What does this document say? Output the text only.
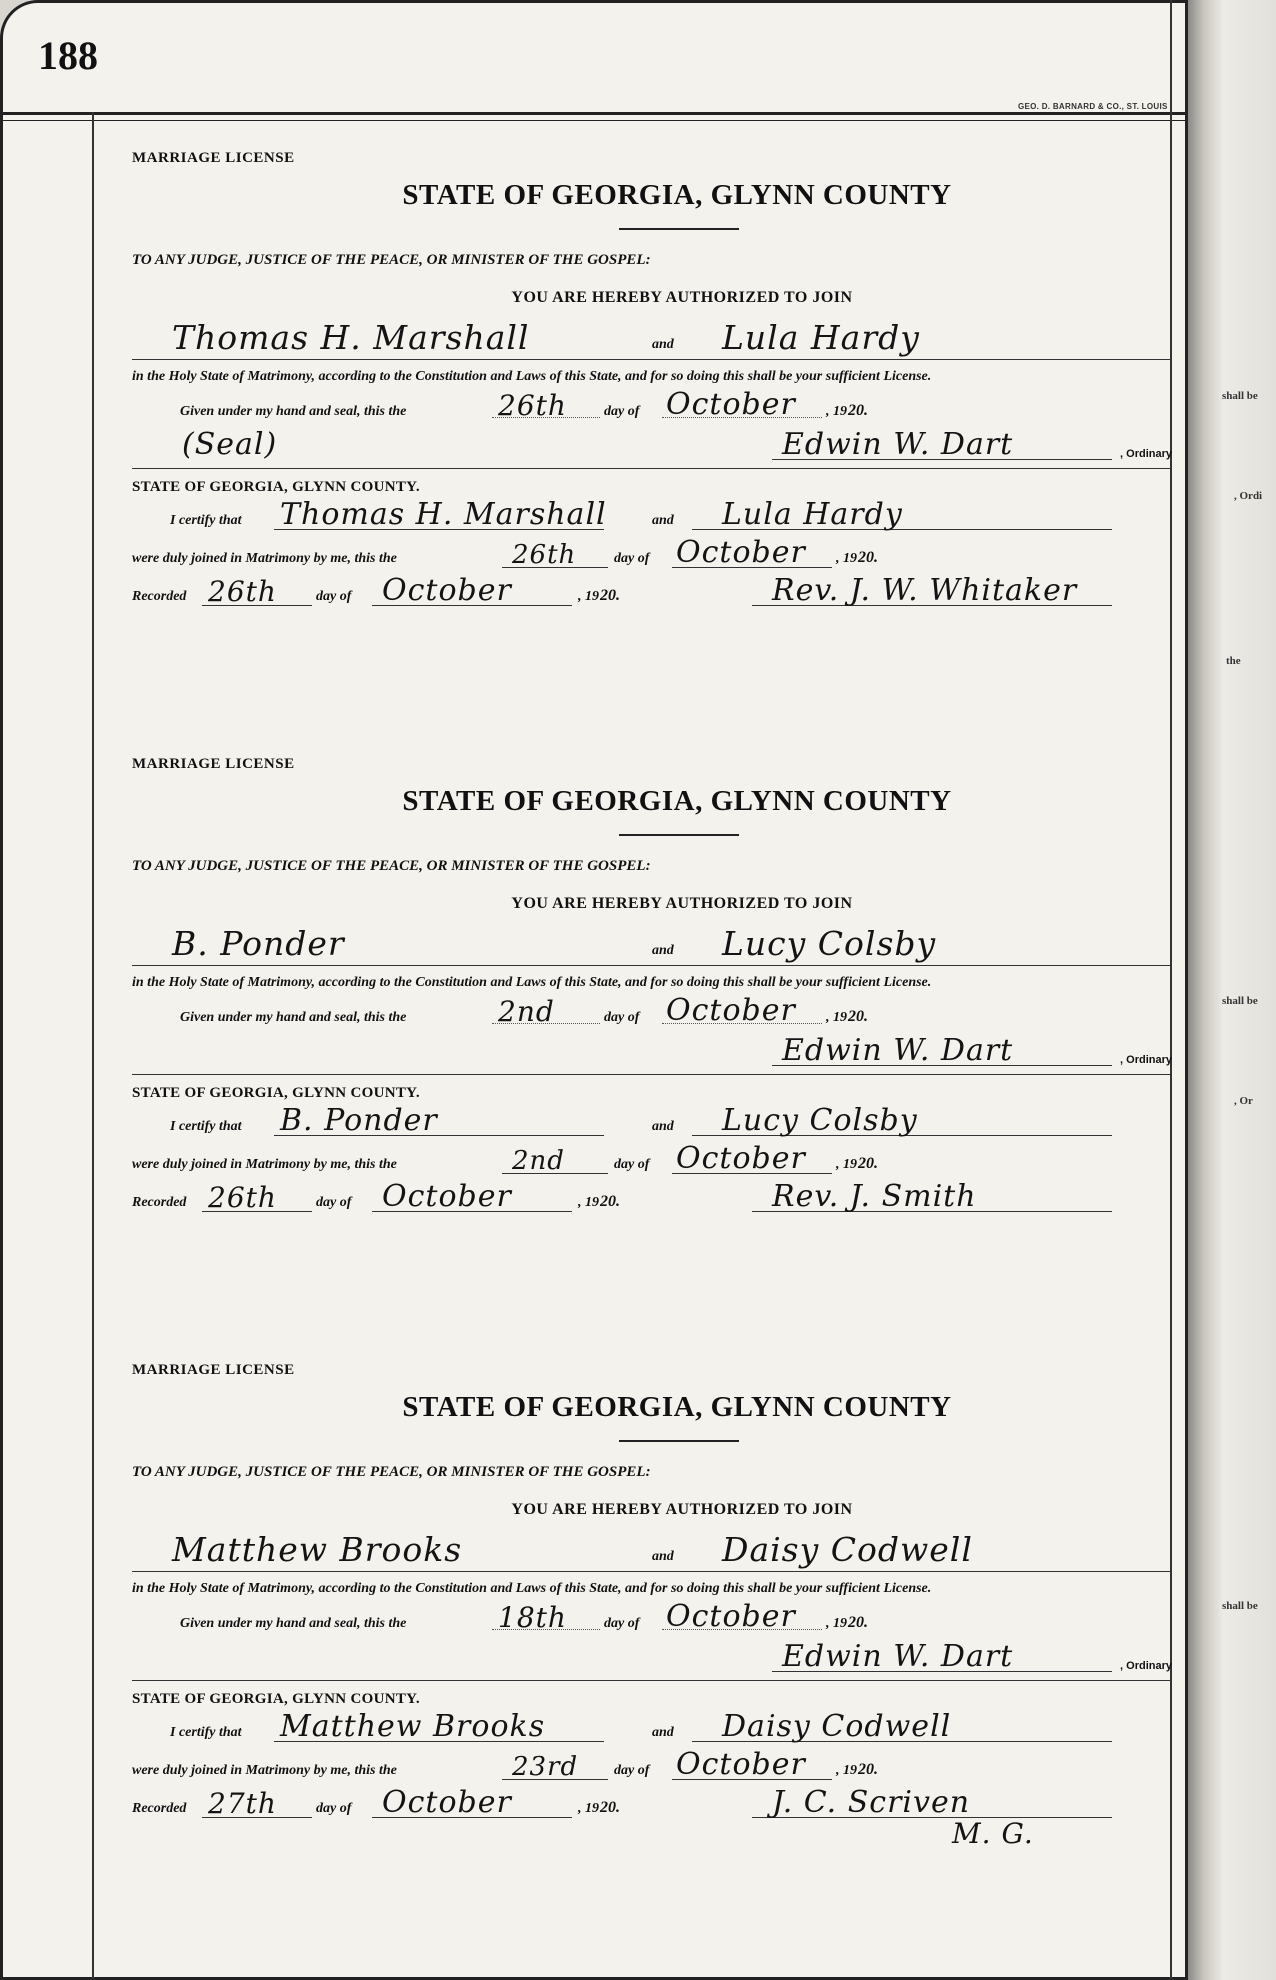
188
GEO. D. BARNARD & CO., ST. LOUIS
shall be
, Ordi
the
shall be
, Or
shall be
MARRIAGE LICENSE
STATE OF GEORGIA, GLYNN COUNTY
TO ANY JUDGE, JUSTICE OF THE PEACE, OR MINISTER OF THE GOSPEL:
YOU ARE HEREBY AUTHORIZED TO JOIN
Thomas H. Marshall	and Lula Hardy
in the Holy State of Matrimony, according to the Constitution and Laws of this State, and for so doing this shall be your sufficient License.
Given under my hand and seal, this the	26th	day of October , 19 20.
(Seal)	Edwin W. Dart	, Ordinary
STATE OF GEORGIA, GLYNN COUNTY.
I certify that Thomas H. Marshall	and Lula Hardy
were duly joined in Matrimony by me, this the	26th	day of October , 19 20.
Recorded 26th	day of October	, 19 20.	Rev. J. W. Whitaker
MARRIAGE LICENSE
STATE OF GEORGIA, GLYNN COUNTY
TO ANY JUDGE, JUSTICE OF THE PEACE, OR MINISTER OF THE GOSPEL:
YOU ARE HEREBY AUTHORIZED TO JOIN
B. Ponder	and Lucy Colsby
in the Holy State of Matrimony, according to the Constitution and Laws of this State, and for so doing this shall be your sufficient License.
Given under my hand and seal, this the	2nd	day of October , 19 20.
Edwin W. Dart	, Ordinary
STATE OF GEORGIA, GLYNN COUNTY.
I certify that B. Ponder	and Lucy Colsby
were duly joined in Matrimony by me, this the	2nd	day of October , 19 20.
Recorded 26th	day of October	, 19 20.	Rev. J. Smith
MARRIAGE LICENSE
STATE OF GEORGIA, GLYNN COUNTY
TO ANY JUDGE, JUSTICE OF THE PEACE, OR MINISTER OF THE GOSPEL:
YOU ARE HEREBY AUTHORIZED TO JOIN
Matthew Brooks	and Daisy Codwell
in the Holy State of Matrimony, according to the Constitution and Laws of this State, and for so doing this shall be your sufficient License.
Given under my hand and seal, this the	18th	day of October , 19 20.
Edwin W. Dart	, Ordinary
STATE OF GEORGIA, GLYNN COUNTY.
I certify that Matthew Brooks	and Daisy Codwell
were duly joined in Matrimony by me, this the	23rd	day of October , 19 20.
Recorded 27th	day of October	, 19 20.	J. C. Scriven
M. G.
